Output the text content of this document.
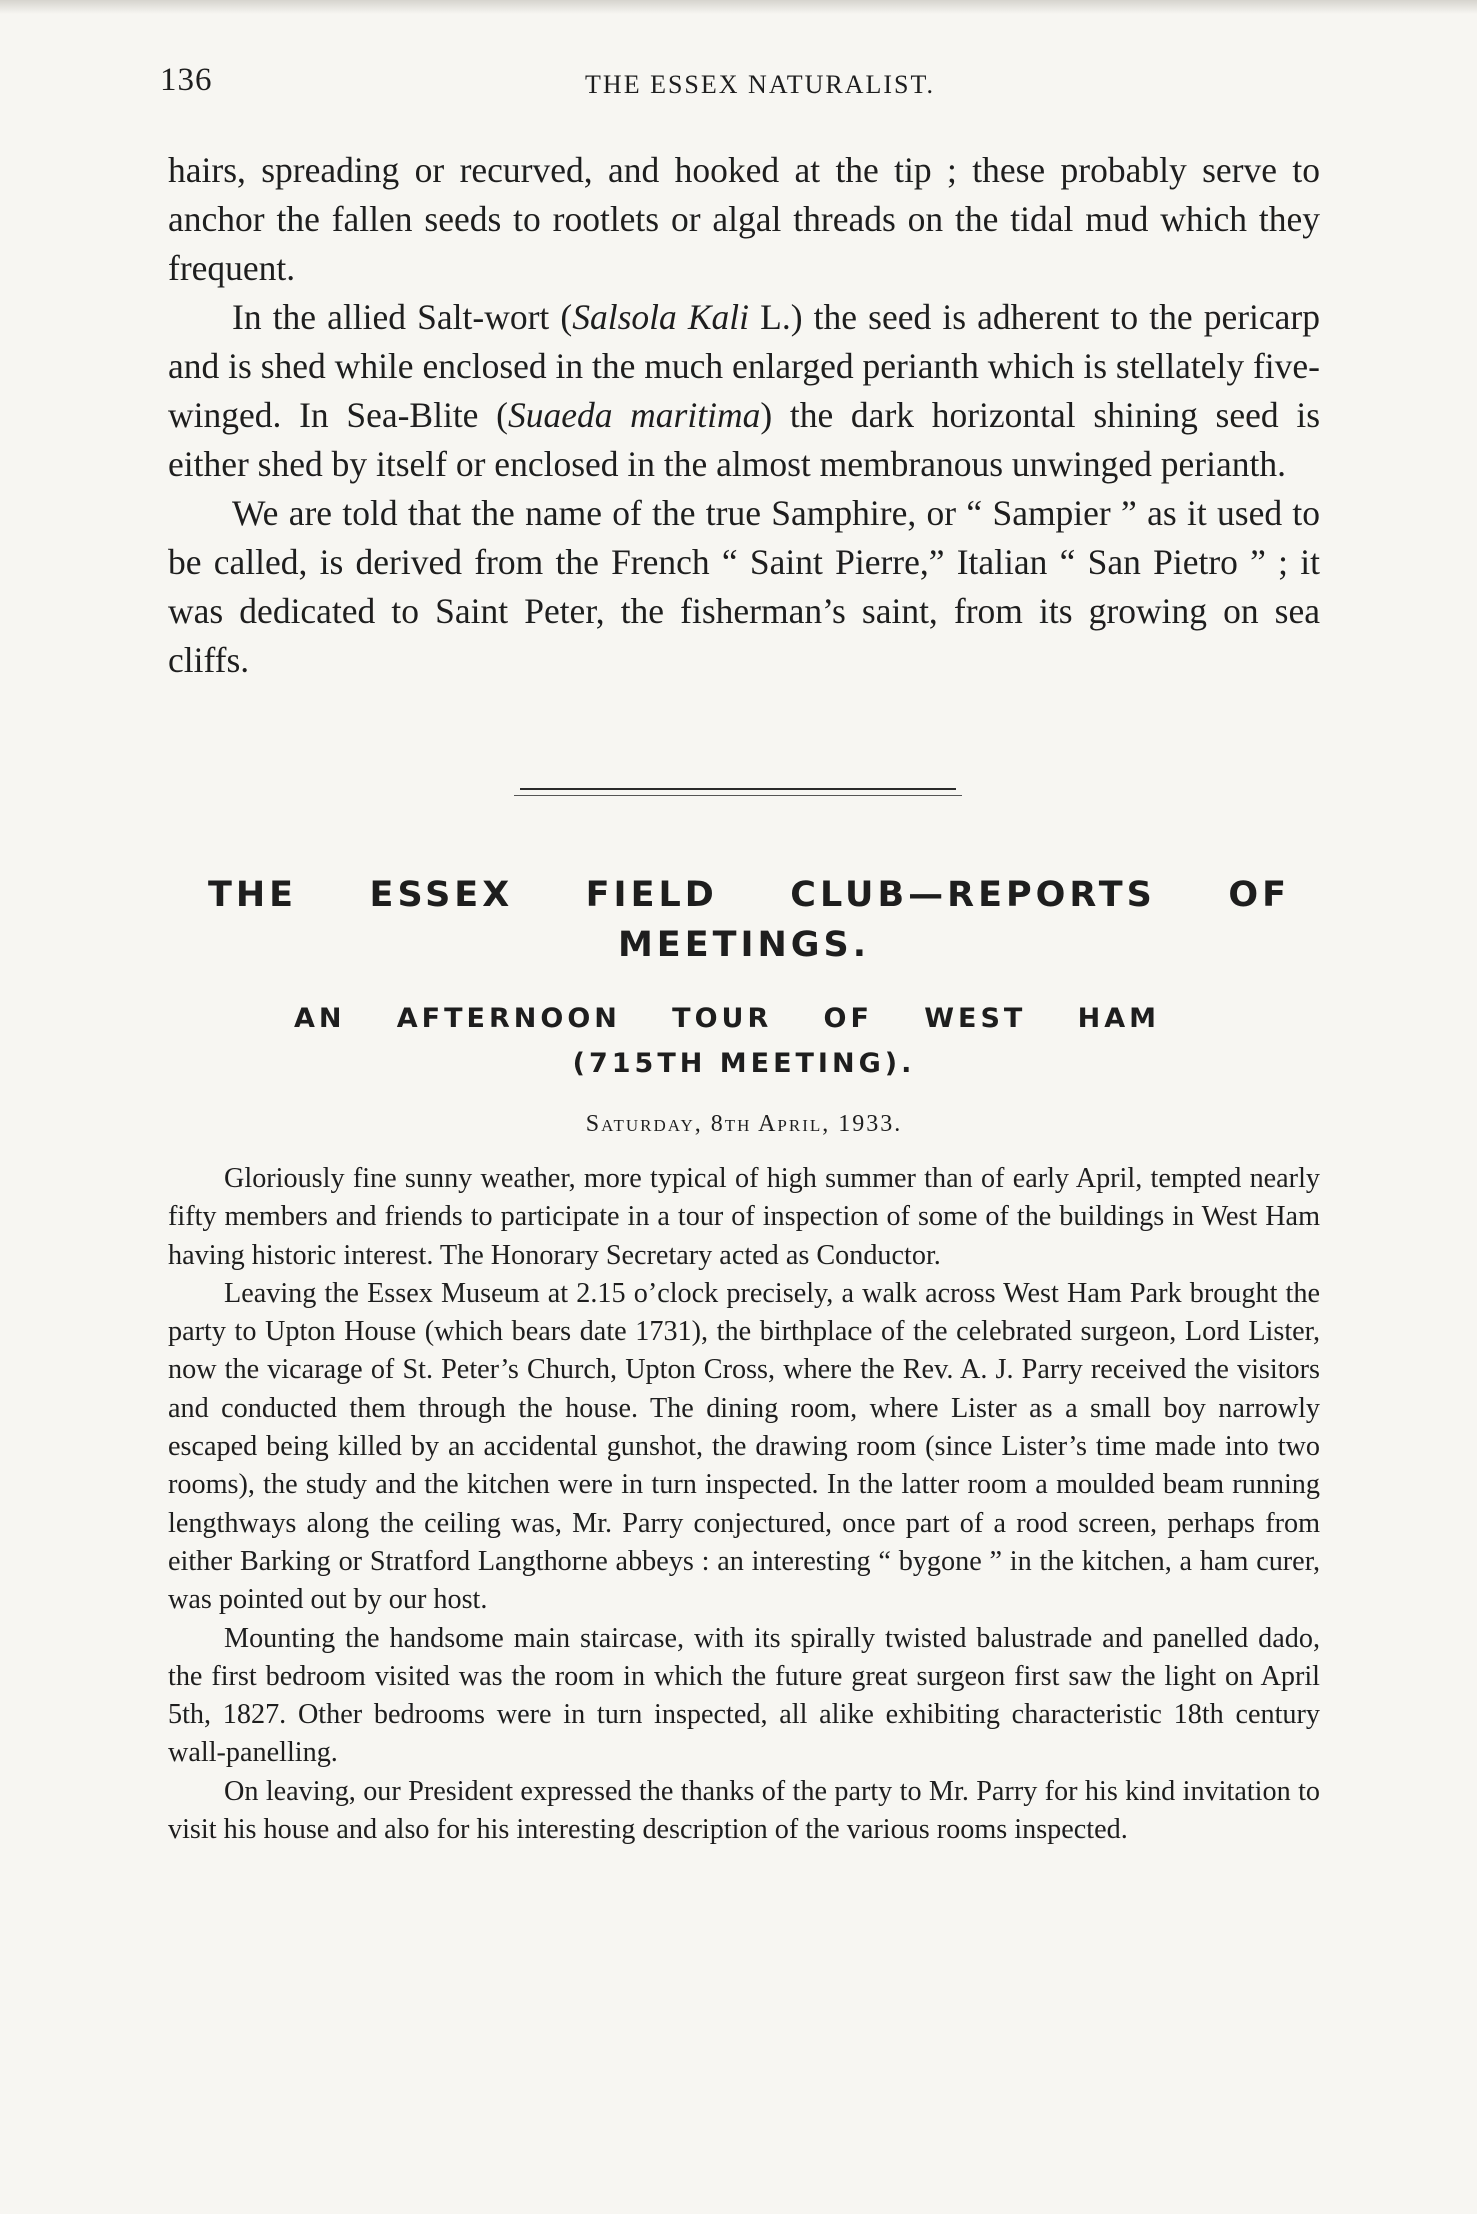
136	THE ESSEX NATURALIST.

hairs, spreading or recurved, and hooked at the tip ; these probably serve to anchor the fallen seeds to rootlets or algal threads on the tidal mud which they frequent.

In the allied Salt-wort (Salsola Kali L.) the seed is adherent to the pericarp and is shed while enclosed in the much enlarged perianth which is stellately five-winged. In Sea-Blite (Suaeda maritima) the dark horizontal shining seed is either shed by itself or enclosed in the almost membranous unwinged perianth.

We are told that the name of the true Samphire, or “ Sampier ” as it used to be called, is derived from the French “ Saint Pierre,” Italian “ San Pietro ” ; it was dedicated to Saint Peter, the fisherman’s saint, from its growing on sea cliffs.

THE ESSEX FIELD CLUB—REPORTS OF
MEETINGS.
AN AFTERNOON TOUR OF WEST HAM
(715TH MEETING).
Saturday, 8th April, 1933.

Gloriously fine sunny weather, more typical of high summer than of early April, tempted nearly fifty members and friends to participate in a tour of inspection of some of the buildings in West Ham having historic interest. The Honorary Secretary acted as Conductor.

Leaving the Essex Museum at 2.15 o’clock precisely, a walk across West Ham Park brought the party to Upton House (which bears date 1731), the birthplace of the celebrated surgeon, Lord Lister, now the vicarage of St. Peter’s Church, Upton Cross, where the Rev. A. J. Parry received the visitors and conducted them through the house. The dining room, where Lister as a small boy narrowly escaped being killed by an accidental gunshot, the drawing room (since Lister’s time made into two rooms), the study and the kitchen were in turn inspected. In the latter room a moulded beam running lengthways along the ceiling was, Mr. Parry conjectured, once part of a rood screen, perhaps from either Barking or Stratford Langthorne abbeys : an interesting “ bygone ” in the kitchen, a ham curer, was pointed out by our host.

Mounting the handsome main staircase, with its spirally twisted balustrade and panelled dado, the first bedroom visited was the room in which the future great surgeon first saw the light on April 5th, 1827. Other bedrooms were in turn inspected, all alike exhibiting characteristic 18th century wall-panelling.

On leaving, our President expressed the thanks of the party to Mr. Parry for his kind invitation to visit his house and also for his interesting description of the various rooms inspected.
